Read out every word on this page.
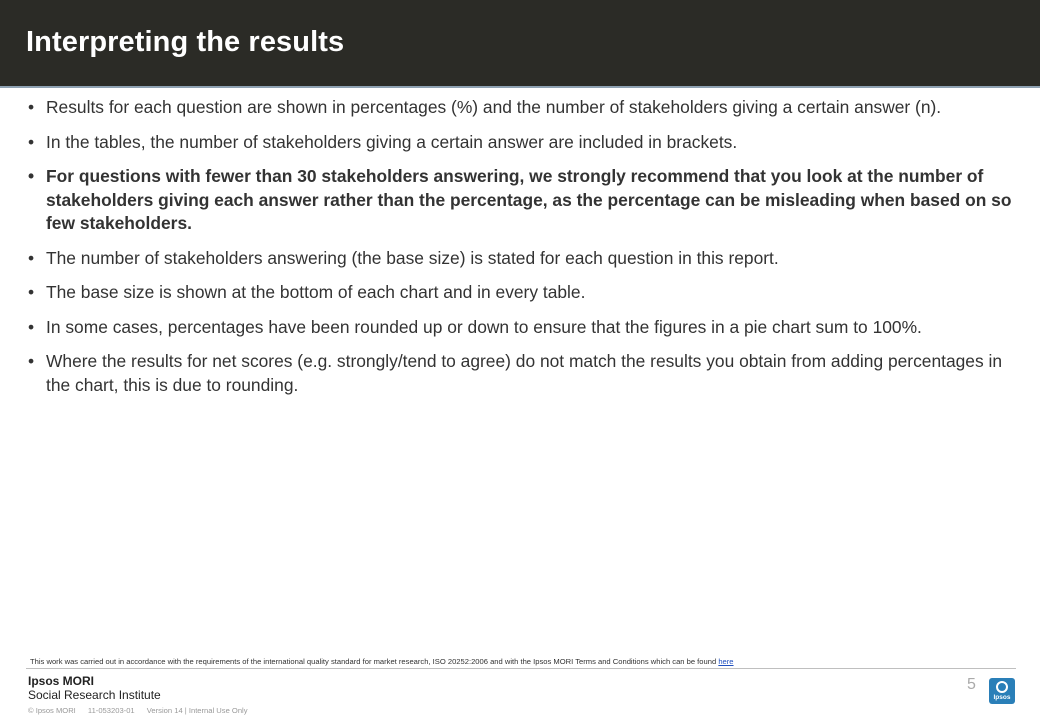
Interpreting the results
• Results for each question are shown in percentages (%) and the number of stakeholders giving a certain answer (n).
• In the tables, the number of stakeholders giving a certain answer are included in brackets.
• For questions with fewer than 30 stakeholders answering, we strongly recommend that you look at the number of stakeholders giving each answer rather than the percentage, as the percentage can be misleading when based on so few stakeholders.
• The number of stakeholders answering (the base size) is stated for each question in this report.
• The base size is shown at the bottom of each chart and in every table.
• In some cases, percentages have been rounded up or down to ensure that the figures in a pie chart sum to 100%.
• Where the results for net scores (e.g. strongly/tend to agree) do not match the results you obtain from adding percentages in the chart, this is due to rounding.
This work was carried out in accordance with the requirements of the international quality standard for market research, ISO 20252:2006 and with the Ipsos MORI Terms and Conditions which can be found here
Ipsos MORI
Social Research Institute
© Ipsos MORI 11-053203-01 Version 14 | Internal Use Only
5
Ipsos
